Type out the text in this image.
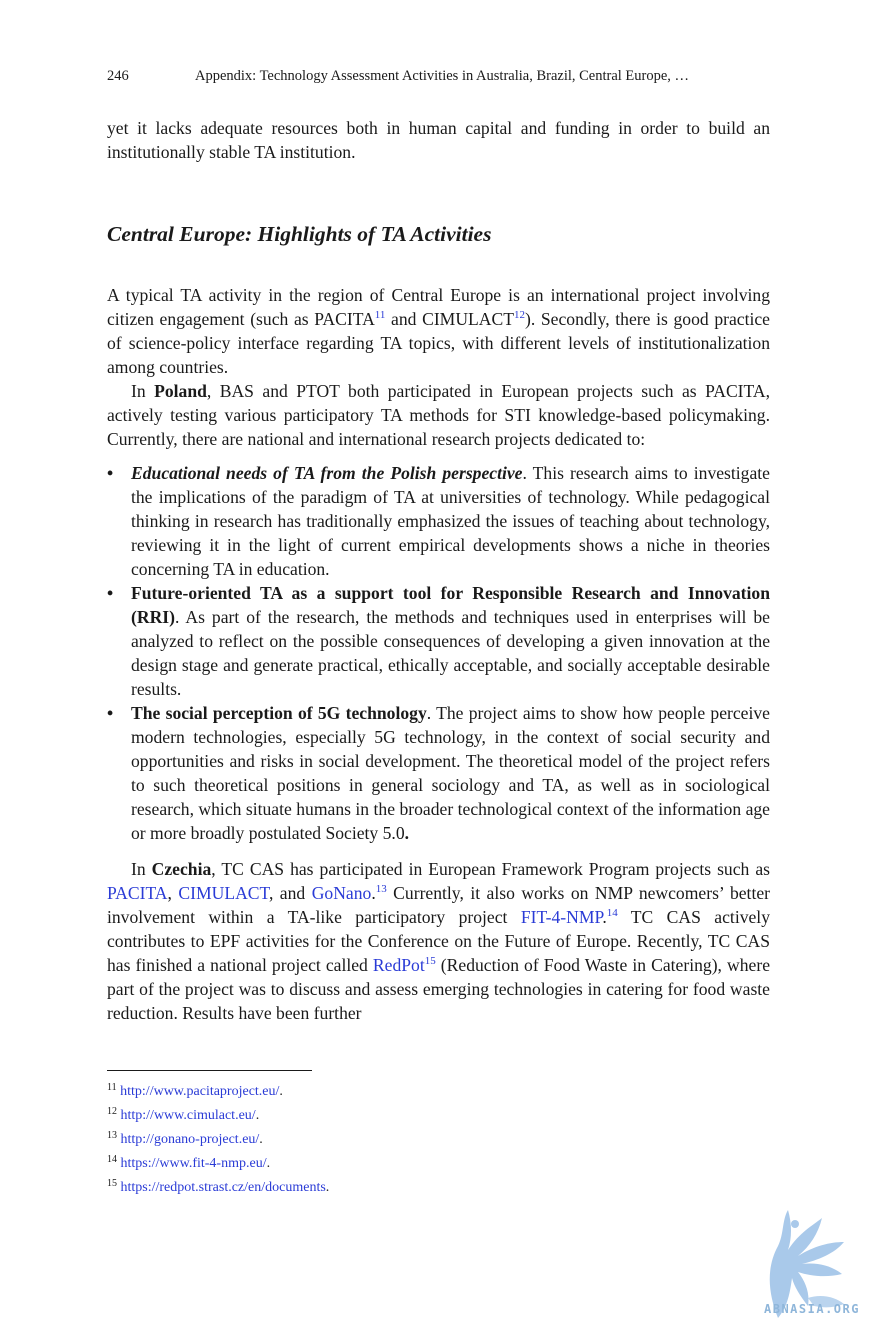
246	Appendix: Technology Assessment Activities in Australia, Brazil, Central Europe, …

yet it lacks adequate resources both in human capital and funding in order to build an institutionally stable TA institution.

Central Europe: Highlights of TA Activities

A typical TA activity in the region of Central Europe is an international project involving citizen engagement (such as PACITA$^{11}$ and CIMULACT$^{12}$). Secondly, there is good practice of science-policy interface regarding TA topics, with different levels of institutionalization among countries.

In Poland, BAS and PTOT both participated in European projects such as PACITA, actively testing various participatory TA methods for STI knowledge-based policymaking. Currently, there are national and international research projects dedicated to:

• Educational needs of TA from the Polish perspective. This research aims to investigate the implications of the paradigm of TA at universities of technology. While pedagogical thinking in research has traditionally emphasized the issues of teaching about technology, reviewing it in the light of current empirical developments shows a niche in theories concerning TA in education.
• Future-oriented TA as a support tool for Responsible Research and Innovation (RRI). As part of the research, the methods and techniques used in enterprises will be analyzed to reflect on the possible consequences of developing a given innovation at the design stage and generate practical, ethically acceptable, and socially acceptable desirable results.
• The social perception of 5G technology. The project aims to show how people perceive modern technologies, especially 5G technology, in the context of social security and opportunities and risks in social development. The theoretical model of the project refers to such theoretical positions in general sociology and TA, as well as in sociological research, which situate humans in the broader technological context of the information age or more broadly postulated Society 5.0.

In Czechia, TC CAS has participated in European Framework Program projects such as PACITA, CIMULACT, and GoNano.$^{13}$ Currently, it also works on NMP newcomers’ better involvement within a TA-like participatory project FIT-4-NMP.$^{14}$ TC CAS actively contributes to EPF activities for the Conference on the Future of Europe. Recently, TC CAS has finished a national project called RedPot$^{15}$ (Reduction of Food Waste in Catering), where part of the project was to discuss and assess emerging technologies in catering for food waste reduction. Results have been further

$^{11}$ http://www.pacitaproject.eu/.
$^{12}$ http://www.cimulact.eu/.
$^{13}$ http://gonano-project.eu/.
$^{14}$ https://www.fit-4-nmp.eu/.
$^{15}$ https://redpot.strast.cz/en/documents.
ABNASIA.ORG
